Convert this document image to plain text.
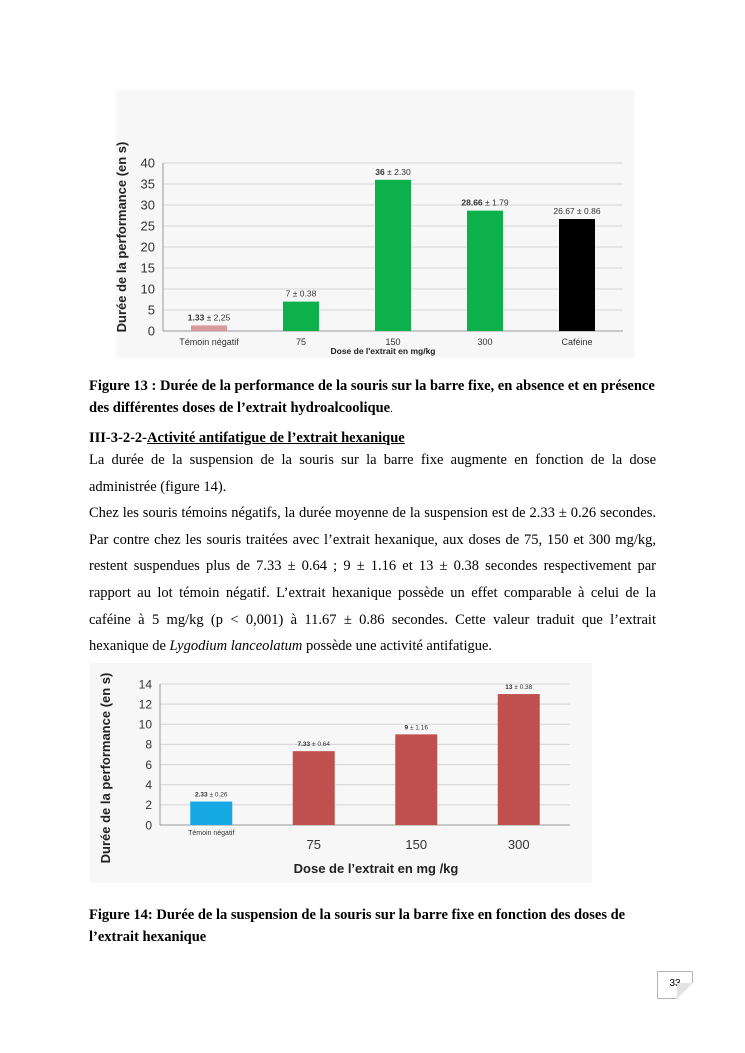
Durée de la performance (en s)
Dose de l'extrait en mg/kg
0
5
10
15
20
25
30
35
40
Témoin négatif
1.33 ± 2,25
75
7 ± 0.38
150
36 ± 2.30
300
28.66 ± 1.79
Caféine
26.67 ± 0.86
Figure 13 : Durée de la performance de la souris sur la barre fixe, en absence et en présence des différentes doses de l’extrait hydroalcoolique.
III-3-2-2-Activité antifatigue de l’extrait hexanique

La durée de la suspension de la souris sur la barre fixe augmente en fonction de la dose administrée (figure 14).

Chez les souris témoins négatifs, la durée moyenne de la suspension est de 2.33 ± 0.26 secondes. Par contre chez les souris traitées avec l’extrait hexanique, aux doses de 75, 150 et 300 mg/kg, restent suspendues plus de 7.33 ± 0.64 ; 9 ± 1.16 et 13 ± 0.38 secondes respectivement par rapport au lot témoin négatif. L’extrait hexanique possède un effet comparable à celui de la caféine à 5 mg/kg (p < 0,001) à 11.67 ± 0.86 secondes. Cette valeur traduit que l’extrait hexanique de Lygodium lanceolatum possède une activité antifatigue.

Durée de la performance (en s)
Dose de l’extrait en mg /kg
0
2
4
6
8
10
12
14
Témoin négatif
2.33 ± 0.26
75
7.33 ± 0.64
150
9 ± 1.16
300
13 ± 0.38
Figure 14: Durée de la suspension de la souris sur la barre fixe en fonction des doses de l’extrait hexanique
33
